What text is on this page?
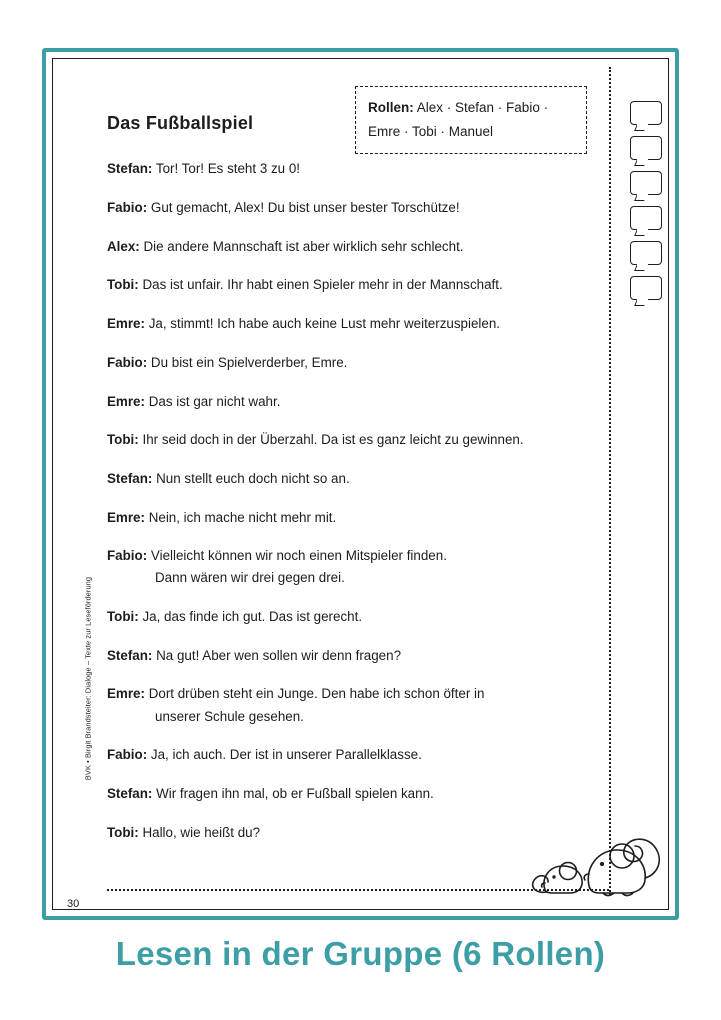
Das Fußballspiel
Rollen: Alex · Stefan · Fabio · Emre · Tobi · Manuel

Stefan: Tor! Tor! Es steht 3 zu 0!

Fabio: Gut gemacht, Alex! Du bist unser bester Torschütze!

Alex: Die andere Mannschaft ist aber wirklich sehr schlecht.

Tobi: Das ist unfair. Ihr habt einen Spieler mehr in der Mannschaft.

Emre: Ja, stimmt! Ich habe auch keine Lust mehr weiterzuspielen.

Fabio: Du bist ein Spielverderber, Emre.

Emre: Das ist gar nicht wahr.

Tobi: Ihr seid doch in der Überzahl. Da ist es ganz leicht zu gewinnen.

Stefan: Nun stellt euch doch nicht so an.

Emre: Nein, ich mache nicht mehr mit.

Fabio: Vielleicht können wir noch einen Mitspieler finden.
Dann wären wir drei gegen drei.

Tobi: Ja, das finde ich gut. Das ist gerecht.

Stefan: Na gut! Aber wen sollen wir denn fragen?

Emre: Dort drüben steht ein Junge. Den habe ich schon öfter in
unserer Schule gesehen.

Fabio: Ja, ich auch. Der ist in unserer Parallelklasse.

Stefan: Wir fragen ihn mal, ob er Fußball spielen kann.

Tobi: Hallo, wie heißt du?

BVK • Birgit Brandsteiter: Dialoge – Texte zur Leseförderung
30
Lesen in der Gruppe (6 Rollen)
